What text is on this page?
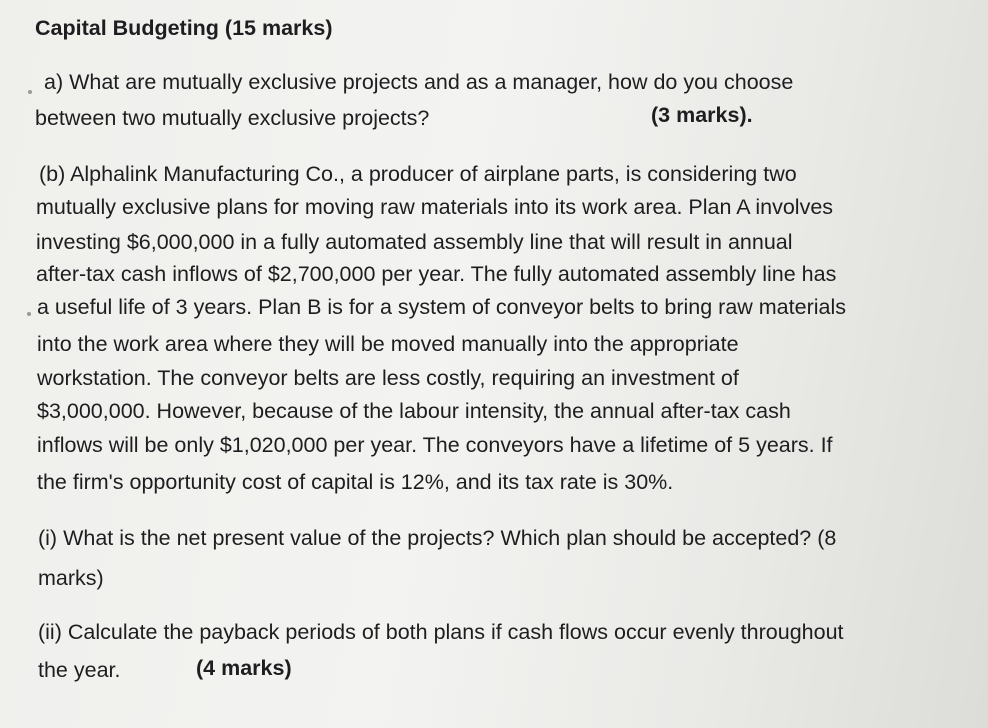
Capital Budgeting (15 marks)
a) What are mutually exclusive projects and as a manager, how do you choose
between two mutually exclusive projects?	(3 marks).
(b) Alphalink Manufacturing Co., a producer of airplane parts, is considering two
mutually exclusive plans for moving raw materials into its work area. Plan A involves
investing $6,000,000 in a fully automated assembly line that will result in annual
after-tax cash inflows of $2,700,000 per year. The fully automated assembly line has
a useful life of 3 years. Plan B is for a system of conveyor belts to bring raw materials
into the work area where they will be moved manually into the appropriate
workstation. The conveyor belts are less costly, requiring an investment of
$3,000,000. However, because of the labour intensity, the annual after-tax cash
inflows will be only $1,020,000 per year. The conveyors have a lifetime of 5 years. If
the firm's opportunity cost of capital is 12%, and its tax rate is 30%.
(i) What is the net present value of the projects? Which plan should be accepted? (8
marks)
(ii) Calculate the payback periods of both plans if cash flows occur evenly throughout
the year.	(4 marks)
